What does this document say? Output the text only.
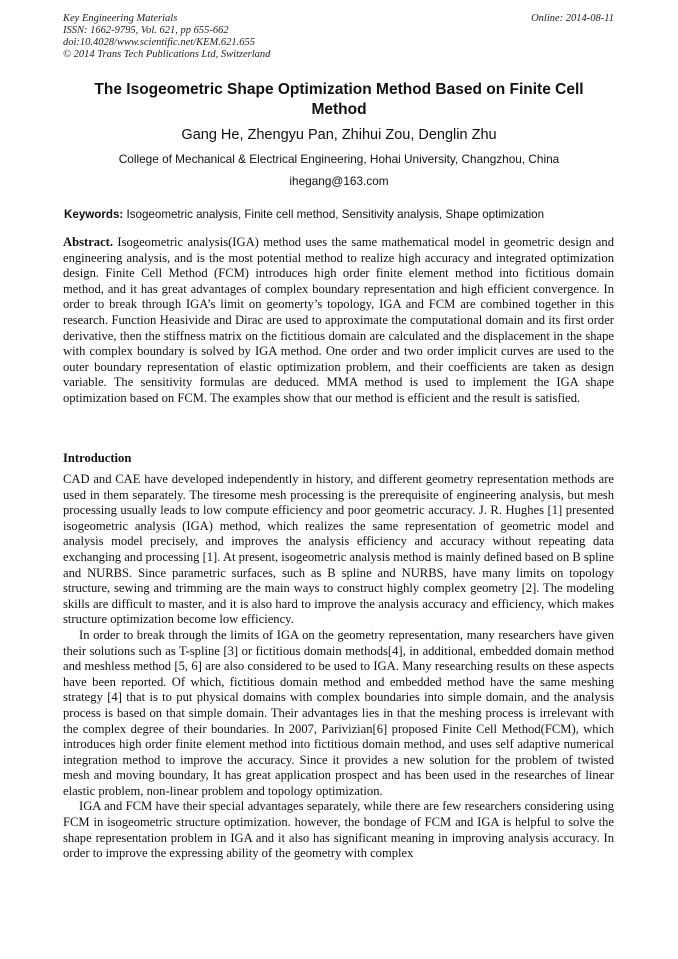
Key Engineering Materials
ISSN: 1662-9795, Vol. 621, pp 655-662
doi:10.4028/www.scientific.net/KEM.621.655
© 2014 Trans Tech Publications Ltd, Switzerland
Online: 2014-08-11
The Isogeometric Shape Optimization Method Based on Finite Cell Method
Gang He, Zhengyu Pan, Zhihui Zou, Denglin Zhu
College of Mechanical & Electrical Engineering, Hohai University, Changzhou, China
ihegang@163.com
Keywords: Isogeometric analysis, Finite cell method, Sensitivity analysis, Shape optimization

Abstract. Isogeometric analysis(IGA) method uses the same mathematical model in geometric design and engineering analysis, and is the most potential method to realize high accuracy and integrated optimization design. Finite Cell Method (FCM) introduces high order finite element method into fictitious domain method, and it has great advantages of complex boundary representation and high efficient convergence. In order to break through IGA’s limit on geomerty’s topology, IGA and FCM are combined together in this research. Function Heasivide and Dirac are used to approximate the computational domain and its first order derivative, then the stiffness matrix on the fictitious domain are calculated and the displacement in the shape with complex boundary is solved by IGA method. One order and two order implicit curves are used to the outer boundary representation of elastic optimization problem, and their coefficients are taken as design variable. The sensitivity formulas are deduced. MMA method is used to implement the IGA shape optimization based on FCM. The examples show that our method is efficient and the result is satisfied.

Introduction

CAD and CAE have developed independently in history, and different geometry representation methods are used in them separately. The tiresome mesh processing is the prerequisite of engineering analysis, but mesh processing usually leads to low compute efficiency and poor geometric accuracy. J. R. Hughes [1] presented isogeometric analysis (IGA) method, which realizes the same representation of geometric model and analysis model precisely, and improves the analysis efficiency and accuracy without repeating data exchanging and processing [1]. At present, isogeometric analysis method is mainly defined based on B spline and NURBS. Since parametric surfaces, such as B spline and NURBS, have many limits on topology structure, sewing and trimming are the main ways to construct highly complex geometry [2]. The modeling skills are difficult to master, and it is also hard to improve the analysis accuracy and efficiency, which makes structure optimization become low efficiency.

In order to break through the limits of IGA on the geometry representation, many researchers have given their solutions such as T-spline [3] or fictitious domain methods[4], in additional, embedded domain method and meshless method [5, 6] are also considered to be used to IGA. Many researching results on these aspects have been reported. Of which, fictitious domain method and embedded method have the same meshing strategy [4] that is to put physical domains with complex boundaries into simple domain, and the analysis process is based on that simple domain. Their advantages lies in that the meshing process is irrelevant with the complex degree of their boundaries. In 2007, Parivizian[6] proposed Finite Cell Method(FCM), which introduces high order finite element method into fictitious domain method, and uses self adaptive numerical integration method to improve the accuracy. Since it provides a new solution for the problem of twisted mesh and moving boundary, It has great application prospect and has been used in the researches of linear elastic problem, non-linear problem and topology optimization.

IGA and FCM have their special advantages separately, while there are few researchers considering using FCM in isogeometric structure optimization. however, the bondage of FCM and IGA is helpful to solve the shape representation problem in IGA and it also has significant meaning in improving analysis accuracy. In order to improve the expressing ability of the geometry with complex
